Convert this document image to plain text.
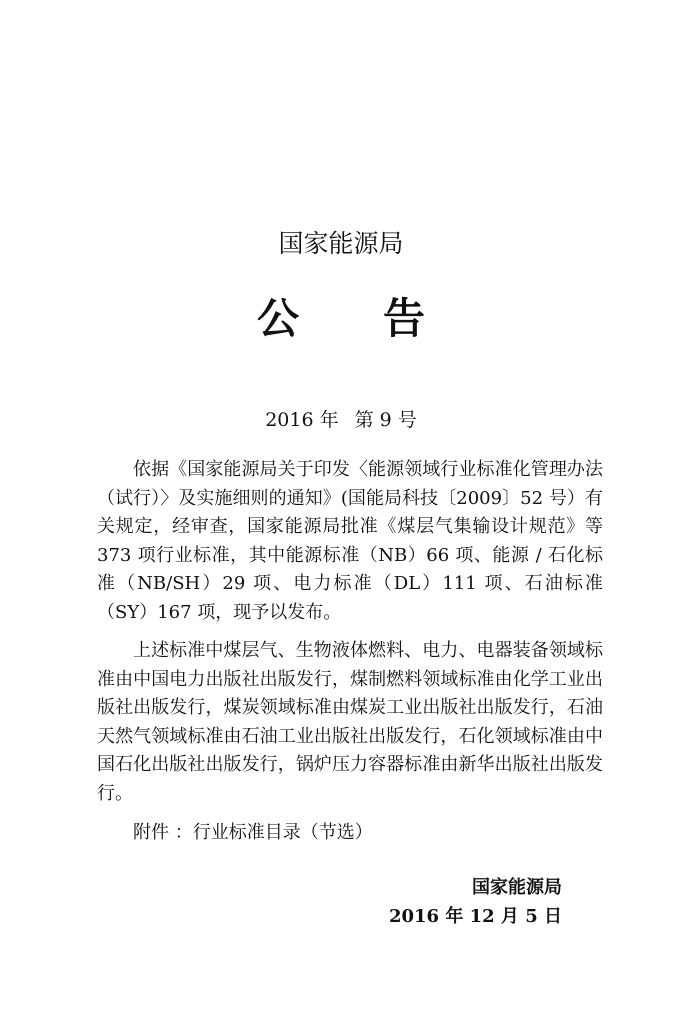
国家能源局
公 告
2016 年 第 9 号

依据《国家能源局关于印发〈能源领域行业标准化管理办法（试行）〉及实施细则的通知》(国能局科技〔2009〕52 号）有关规定，经审查，国家能源局批准《煤层气集输设计规范》等 373 项行业标准，其中能源标准（NB）66 项、能源 / 石化标准（NB/SH）29 项、电力标准（DL）111 项、石油标准（SY）167 项，现予以发布。

上述标准中煤层气、生物液体燃料、电力、电器装备领域标准由中国电力出版社出版发行，煤制燃料领域标准由化学工业出版社出版发行，煤炭领域标准由煤炭工业出版社出版发行，石油天然气领域标准由石油工业出版社出版发行，石化领域标准由中国石化出版社出版发行，锅炉压力容器标准由新华出版社出版发行。

附件 ：行业标准目录（节选）
国家能源局
2016 年 12 月 5 日
